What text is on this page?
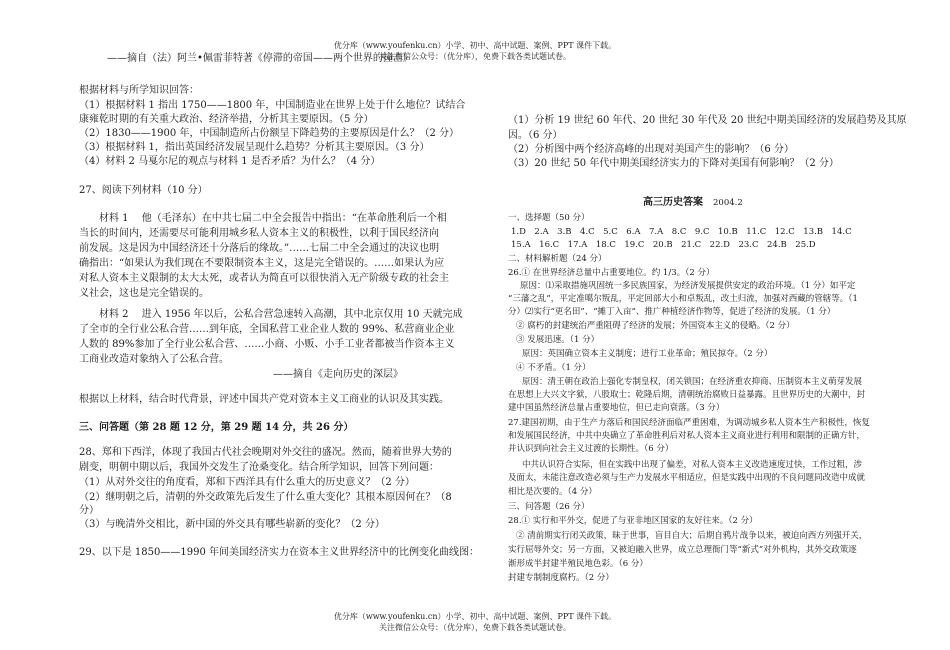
优分库（www.youfenku.cn）小学、初中、高中试题、案例、PPT 课件下载。
关注微信公众号：（优分库），免费下载各类试题试卷。
——摘自（法）阿兰•佩雷菲特著《停滞的帝国——两个世界的撞击》
根据材料与所学知识回答：
（1）根据材料 1 指出 1750——1800 年，中国制造业在世界上处于什么地位？试结合
康雍乾时期的有关重大政治、经济举措，分析其主要原因。（5 分）
（2）1830——1900 年，中国制造所占份额呈下降趋势的主要原因是什么？（2 分）
（3）根据材料 1，指出英国经济发展呈现什么趋势？分析其主要原因。（3 分）
（4）材料 2 马戛尔尼的观点与材料 1 是否矛盾？为什么？（4 分）
27、阅读下列材料（10 分）
材料 1　 他（毛泽东）在中共七届二中全会报告中指出：“在革命胜利后一个相
当长的时间内，还需要尽可能利用城乡私人资本主义的积极性，以利于国民经济向
前发展。这是因为中国经济还十分落后的缘故。”……七届二中全会通过的决议也明
确指出：“如果认为我们现在不要限制资本主义，这是完全错误的。……如果认为应
对私人资本主义限制的太大太死，或者认为简直可以很快消入无产阶级专政的社会主
义社会，这也是完全错误的。
材料 2　 进入 1956 年以后，公私合营急速转入高潮，其中北京仅用 10 天就完成
了全市的全行业公私合营……到年底，全国私营工业企业人数的 99%、私营商业企业
人数的 89%参加了全行业公私合营、……小商、小贩、小手工业者都被当作资本主义
工商业改造对象纳入了公私合营。
——摘自《走向历史的深层》
根据以上材料，结合时代背景，评述中国共产党对资本主义工商业的认识及其实践。
三、问答题（第 28 题 12 分，第 29 题 14 分，共 26 分）
28、郑和下西洋，体现了我国古代社会晚期对外交往的盛况。然而，随着世界大势的
剧变，明朝中期以后，我国外交发生了沧桑变化。结合所学知识，回答下列问题：
（1）从对外交往的角度看，郑和下西洋具有什么重大的历史意义？（2 分）
（2）继明朝之后，清朝的外交政策先后发生了什么重大变化？其根本原因何在？（8
分）
（3）与晚清外交相比，新中国的外交具有哪些崭新的变化？（2 分）
29、以下是 1850——1990 年间美国经济实力在资本主义世界经济中的比例变化曲线图：
（1）分析 19 世纪 60 年代、20 世纪 30 年代及 20 世纪中期美国经济的发展趋势及其原
因。（6 分）
（2）分析图中两个经济高峰的出现对美国产生的影响？（6 分）
（3）20 世纪 50 年代中期美国经济实力的下降对美国有何影响？（2 分）
高三历史答案 2004.2
一、选择题（50 分）
1.D　2.A　3.B　4.C　5.C　6.A　7.A　8.C　9.C　10.B　11.C　12.C　13.B　14.C
15.A　16.C　17.A　18.C　19.C　20.B　21.C　22.D　23.C　24.B　25.D
二、材料解析题（24 分）
26.① 在世界经济总量中占重要地位。约 1/3。（2 分）
原因：⑴采取措施巩固统一多民族国家，为经济发展提供安定的政治环境。（1 分）如平定
“三藩之乱”，平定准噶尔叛乱，平定回部大小和卓叛乱，改土归流，加强对西藏的管辖等。（1
分）⑵实行“更名田”、“摊丁入亩”、推广种植经济作物等，促进了经济的发展。（1 分）
② 腐朽的封建统治严重阻碍了经济的发展；外国资本主义的侵略。（2 分）
③ 发展迅速。（1 分）
原因：英国确立资本主义制度；进行工业革命；殖民掠夺。（2 分）
④ 不矛盾。（1 分）
原因：清王朝在政治上强化专制皇权，闭关锁国；在经济重农抑商、压制资本主义萌芽发展
在思想上大兴文字狱，八股取士；乾隆后期，清朝统治腐败日益暴露。且世界历史的大潮中，封
建中国虽然经济总量占重要地位，但已走向衰落。（3 分）
27.建国初期，由于生产力落后和国民经济面临严重困难，为调动城乡私人资本生产积极性，恢复
和发展国民经济，中共中央确立了革命胜利后对私人资本主义商业进行利用和限制的正确方针，
并认识到向社会主义过渡的长期性。（6 分）
中共认识符合实际，但在实践中出现了偏差，对私人资本主义改造速度过快，工作过粗，涉
及面太，未能注意改造必须与生产力发展水平相适应，但是实践中出现的不良问题同改造中成就
相比是次要的。（4 分）
三、问答题（26 分）
28.① 实行和平外交，促进了与亚非地区国家的友好往来。（2 分）
② 清前期实行闭关政策，昧于世事，盲目自大；后期自鸦片战争以来，被迫向西方列强开关，
实行屈辱外交；另一方面，又被迫融入世界，成立总理衙门等“新式”对外机构，其外交政策逐
渐形成半封建半殖民地色彩。（6 分）
封建专制制度腐朽。（2 分）
优分库（www.youfenku.cn）小学、初中、高中试题、案例、PPT 课件下载。
关注微信公众号：（优分库），免费下载各类试题试卷。
